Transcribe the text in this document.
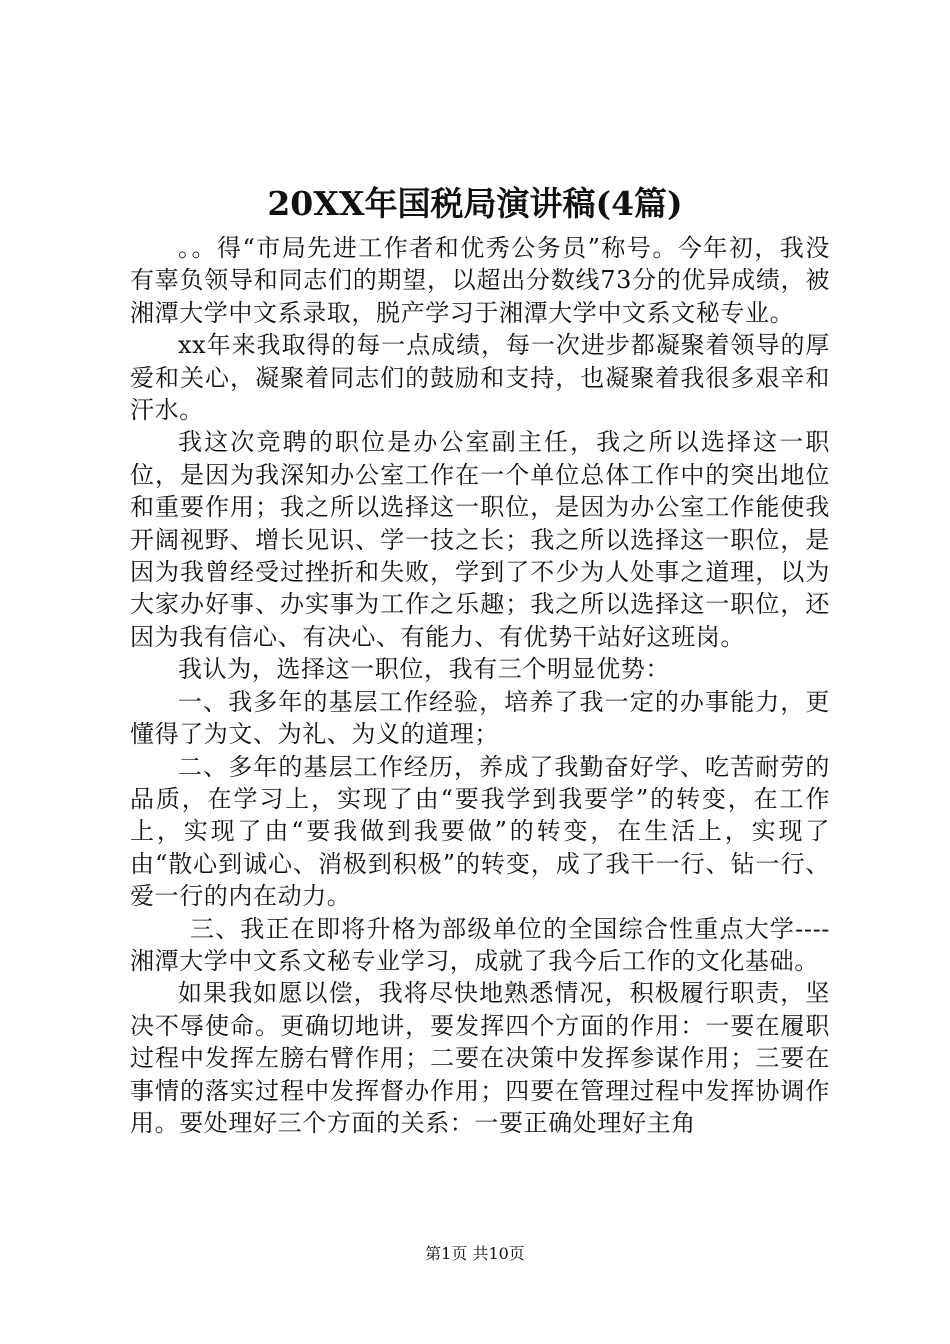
20XX年国税局演讲稿(4篇)

。。得“市局先进工作者和优秀公务员”称号。今年初，我没有辜负领导和同志们的期望，以超出分数线73分的优异成绩，被湘潭大学中文系录取，脱产学习于湘潭大学中文系文秘专业。

xx年来我取得的每一点成绩，每一次进步都凝聚着领导的厚爱和关心，凝聚着同志们的鼓励和支持，也凝聚着我很多艰辛和汗水。

我这次竞聘的职位是办公室副主任，我之所以选择这一职位，是因为我深知办公室工作在一个单位总体工作中的突出地位和重要作用；我之所以选择这一职位，是因为办公室工作能使我开阔视野、增长见识、学一技之长；我之所以选择这一职位，是因为我曾经受过挫折和失败，学到了不少为人处事之道理，以为大家办好事、办实事为工作之乐趣；我之所以选择这一职位，还因为我有信心、有决心、有能力、有优势干站好这班岗。

我认为，选择这一职位，我有三个明显优势：

一、我多年的基层工作经验，培养了我一定的办事能力，更懂得了为文、为礼、为义的道理；

二、多年的基层工作经历，养成了我勤奋好学、吃苦耐劳的品质，在学习上，实现了由“要我学到我要学”的转变，在工作上，实现了由“要我做到我要做”的转变，在生活上，实现了由“散心到诚心、消极到积极”的转变，成了我干一行、钻一行、爱一行的内在动力。

三、我正在即将升格为部级单位的全国综合性重点大学----湘潭大学中文系文秘专业学习，成就了我今后工作的文化基础。

如果我如愿以偿，我将尽快地熟悉情况，积极履行职责，坚决不辱使命。更确切地讲，要发挥四个方面的作用：一要在履职过程中发挥左膀右臂作用；二要在决策中发挥参谋作用；三要在事情的落实过程中发挥督办作用；四要在管理过程中发挥协调作用。要处理好三个方面的关系：一要正确处理好主角

第1页 共10页
